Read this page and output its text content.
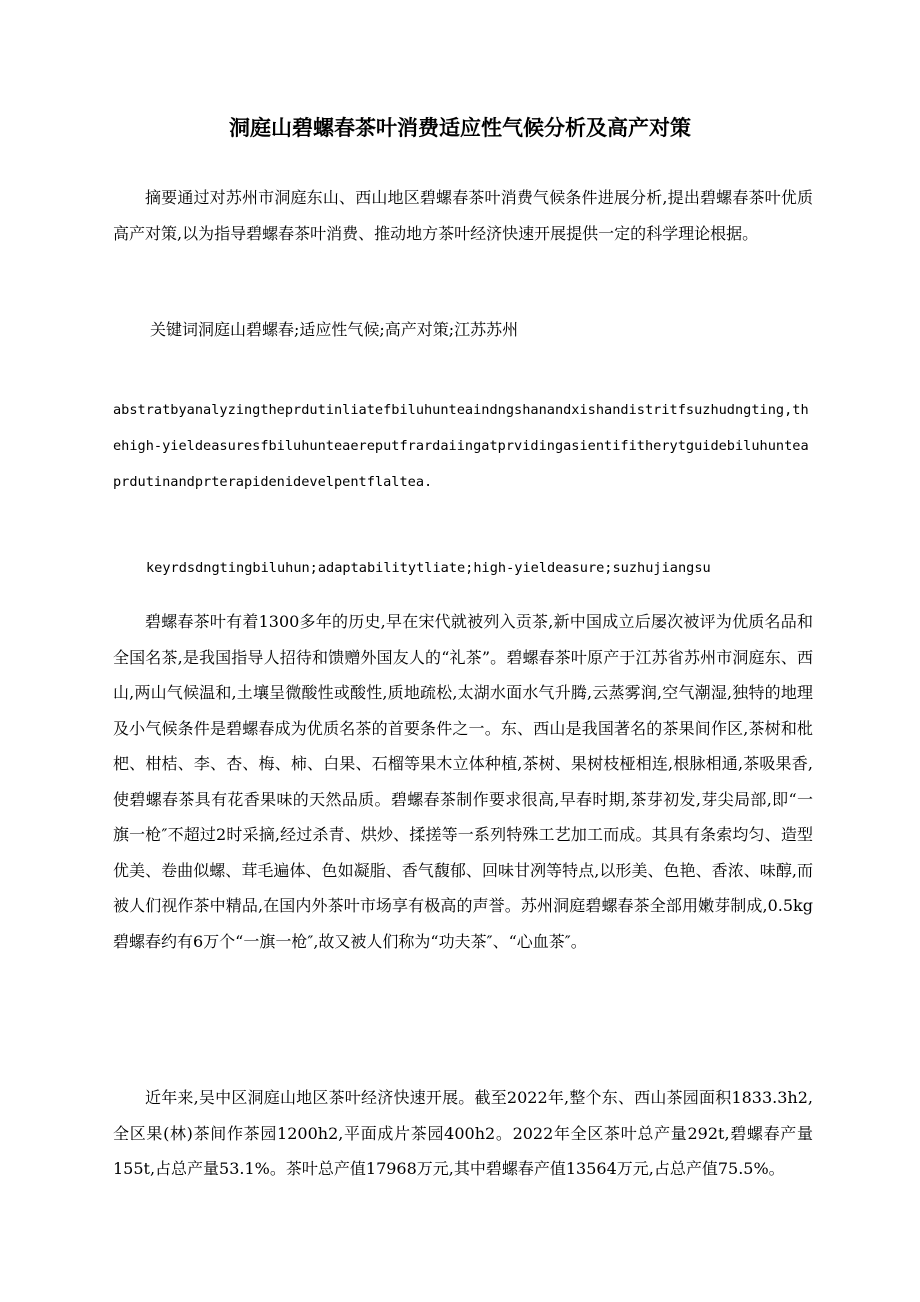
洞庭山碧螺春茶叶消费适应性气候分析及高产对策

摘要通过对苏州市洞庭东山、西山地区碧螺春茶叶消费气候条件进展分析,提出碧螺春茶叶优质高产对策,以为指导碧螺春茶叶消费、推动地方茶叶经济快速开展提供一定的科学理论根据。

关键词洞庭山碧螺春;适应性气候;高产对策;江苏苏州

abstratbyanalyzingtheprdutinliatefbiluhunteaindngshanandxishandistritfsuzhudngting,thehigh-yieldeasuresfbiluhunteaereputfrardaiingatprvidingasientifitherytguidebiluhunteaprdutinandprterapidenidevelpentflaltea.

keyrdsdngtingbiluhun;adaptabilitytliate;high-yieldeasure;suzhujiangsu

碧螺春茶叶有着1300多年的历史,早在宋代就被列入贡茶,新中国成立后屡次被评为优质名品和全国名茶,是我国指导人招待和馈赠外国友人的“礼茶”。碧螺春茶叶原产于江苏省苏州市洞庭东、西山,两山气候温和,土壤呈微酸性或酸性,质地疏松,太湖水面水气升腾,云蒸雾润,空气潮湿,独特的地理及小气候条件是碧螺春成为优质名茶的首要条件之一。东、西山是我国著名的茶果间作区,茶树和枇杷、柑桔、李、杏、梅、柿、白果、石榴等果木立体种植,茶树、果树枝桠相连,根脉相通,茶吸果香,使碧螺春茶具有花香果味的天然品质。碧螺春茶制作要求很高,早春时期,茶芽初发,芽尖局部,即“一旗一枪″不超过2时采摘,经过杀青、烘炒、揉搓等一系列特殊工艺加工而成。其具有条索均匀、造型优美、卷曲似螺、茸毛遍体、色如凝脂、香气馥郁、回味甘冽等特点,以形美、色艳、香浓、味醇,而被人们视作茶中精品,在国内外茶叶市场享有极高的声誉。苏州洞庭碧螺春茶全部用嫩芽制成,0.5kg碧螺春约有6万个“一旗一枪″,故又被人们称为“功夫茶″、“心血茶″。

近年来,吴中区洞庭山地区茶叶经济快速开展。截至2022年,整个东、西山茶园面积1833.3h2,全区果(林)茶间作茶园1200h2,平面成片茶园400h2。2022年全区茶叶总产量292t,碧螺春产量155t,占总产量53.1%。茶叶总产值17968万元,其中碧螺春产值13564万元,占总产值75.5%。
